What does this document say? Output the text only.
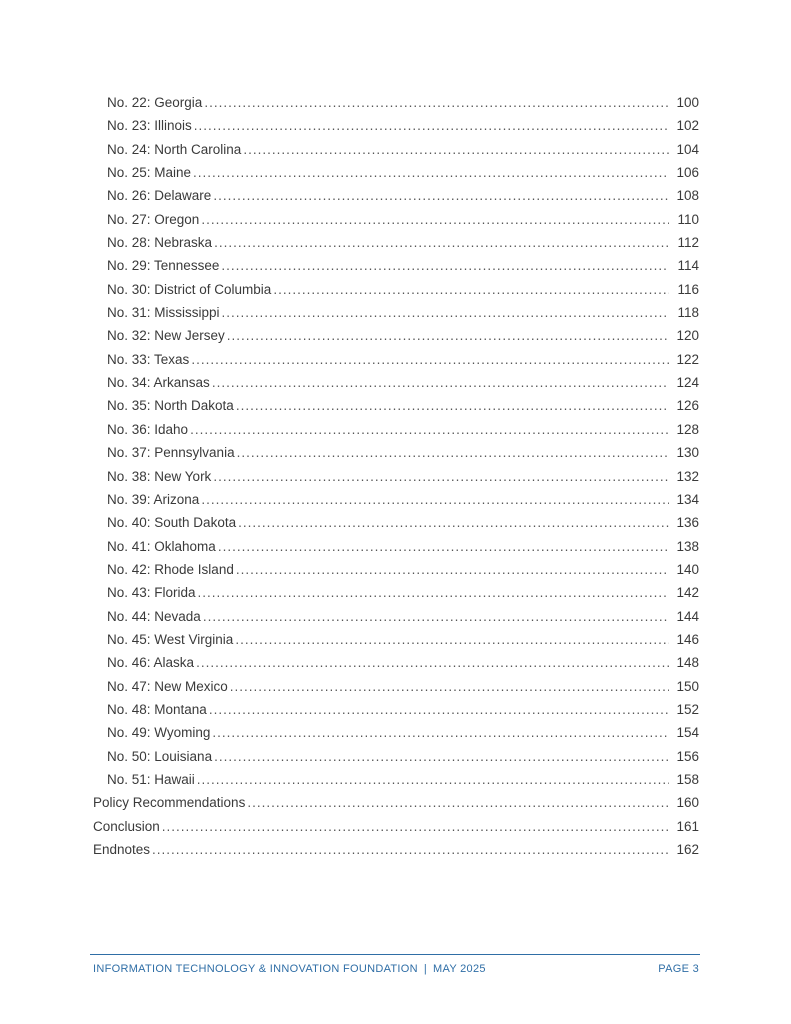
No. 22: Georgia .....	100
No. 23: Illinois .....	102
No. 24: North Carolina .....	104
No. 25: Maine .....	106
No. 26: Delaware .....	108
No. 27: Oregon .....	110
No. 28: Nebraska .....	112
No. 29: Tennessee .....	114
No. 30: District of Columbia .....	116
No. 31: Mississippi .....	118
No. 32: New Jersey .....	120
No. 33: Texas .....	122
No. 34: Arkansas .....	124
No. 35: North Dakota .....	126
No. 36: Idaho .....	128
No. 37: Pennsylvania .....	130
No. 38: New York .....	132
No. 39: Arizona .....	134
No. 40: South Dakota .....	136
No. 41: Oklahoma .....	138
No. 42: Rhode Island .....	140
No. 43: Florida .....	142
No. 44: Nevada .....	144
No. 45: West Virginia .....	146
No. 46: Alaska .....	148
No. 47: New Mexico .....	150
No. 48: Montana .....	152
No. 49: Wyoming .....	154
No. 50: Louisiana .....	156
No. 51: Hawaii .....	158
Policy Recommendations .....	160
Conclusion .....	161
Endnotes .....	162
INFORMATION TECHNOLOGY & INNOVATION FOUNDATION | MAY 2025	PAGE 3
